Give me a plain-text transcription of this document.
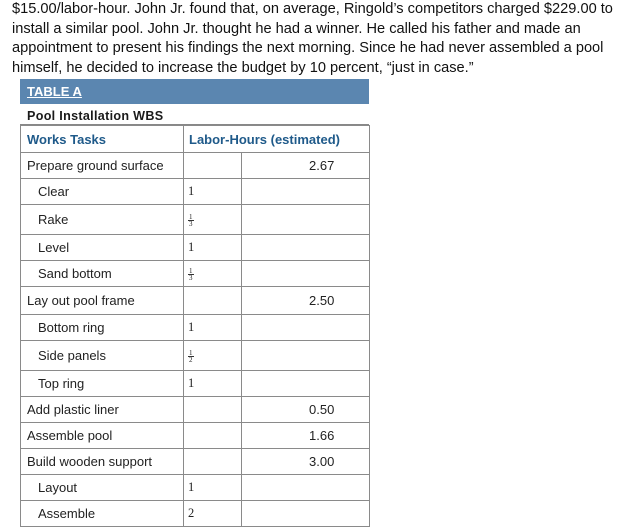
$15.00/labor-hour. John Jr. found that, on average, Ringold’s competitors charged $229.00 to
install a similar pool. John Jr. thought he had a winner. He called his father and made an
appointment to present his findings the next morning. Since he had never assembled a pool
himself, he decided to increase the budget by 10 percent, “just in case.”
TABLE A
Pool Installation WBS
Works Tasks	Labor-Hours (estimated)	
Prepare ground surface		2.67
Clear	1	
Rake	$\frac{1}{3}$

Level	1	
Sand bottom	$\frac{1}{3}$

Lay out pool frame		2.50
Bottom ring	1	
Side panels	$\frac{1}{2}$

Top ring	1	
Add plastic liner		0.50
Assemble pool		1.66
Build wooden support		3.00
Layout	1	
Assemble	2	
